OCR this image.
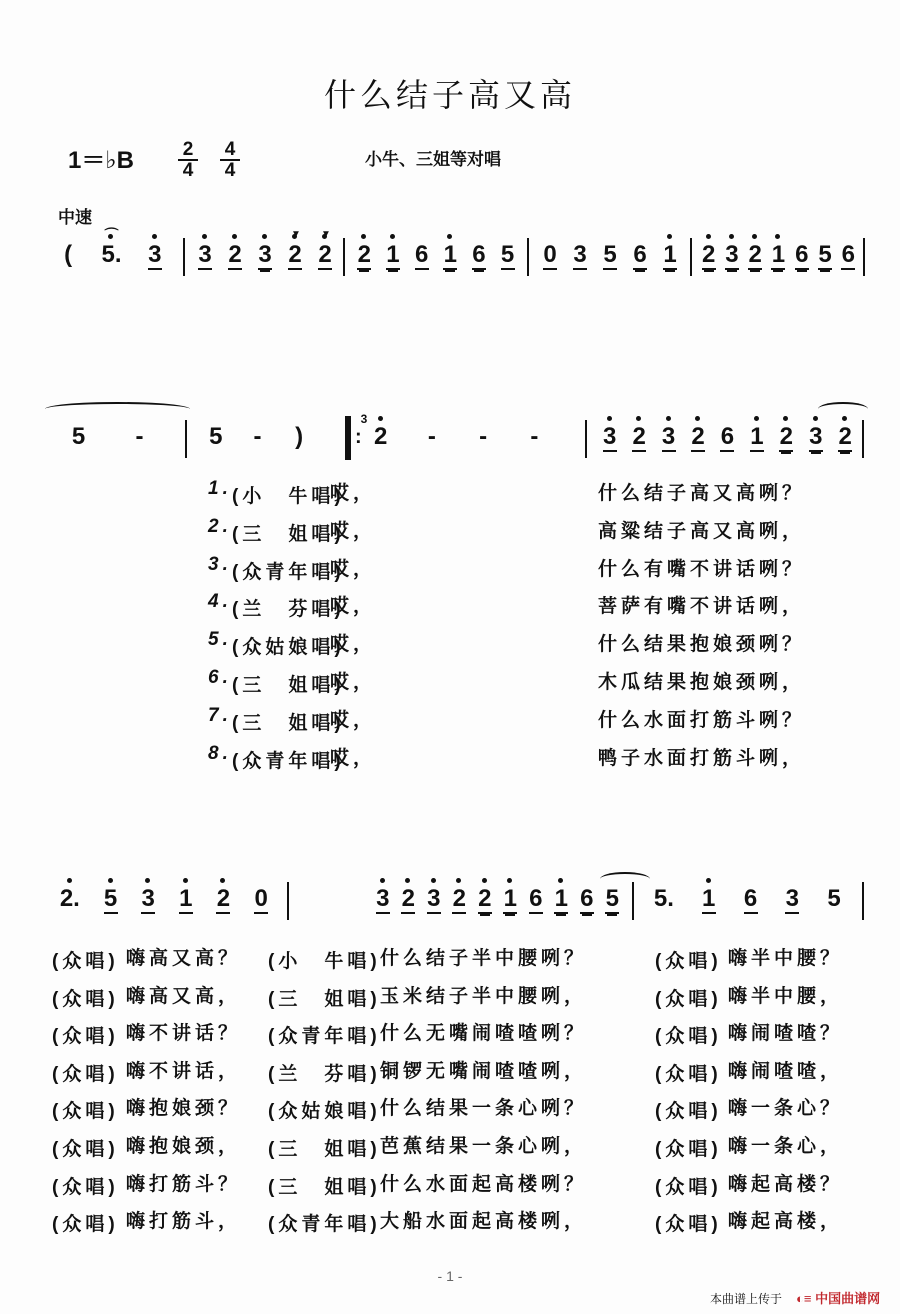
什么结子高又高
1＝♭B $\frac{2}{4} \frac{4}{4}$	小牛、三姐等对唱
中速
( 5.
⌒
3 3 2 3 2
▼
2
▼
2 1 6 1 6 5 0 3 5 6 1 2 3 2 1 6 5 6
5 -	5 - )	2
3
- - -	3 2 3 2 6 1 2 3 2
:
2. 5 3 1 2 0	3 2 3 2 2 1 6 1 6 5 5. 1 6 3 5
1. (小　牛唱)
哎，	什么结子高又高咧？
2. (三　姐唱)
哎，	高粱结子高又高咧，
3. (众青年唱)
哎，	什么有嘴不讲话咧？
4. (兰　芬唱)
哎，	菩萨有嘴不讲话咧，
5. (众姑娘唱)
哎，	什么结果抱娘颈咧？
6. (三　姐唱)
哎，	木瓜结果抱娘颈咧，
7. (三　姐唱)
哎，	什么水面打筋斗咧？
8. (众青年唱)
哎，	鸭子水面打筋斗咧，
(众唱) 嗨高又高？ (小　牛唱) 什么结子半中腰咧？	(众唱) 嗨半中腰？
(众唱) 嗨高又高， (三　姐唱) 玉米结子半中腰咧，	(众唱) 嗨半中腰，
(众唱) 嗨不讲话？ (众青年唱) 什么无嘴闹喳喳咧？	(众唱) 嗨闹喳喳？
(众唱) 嗨不讲话， (兰　芬唱) 铜锣无嘴闹喳喳咧，	(众唱) 嗨闹喳喳，
(众唱) 嗨抱娘颈？ (众姑娘唱) 什么结果一条心咧？	(众唱) 嗨一条心？
(众唱) 嗨抱娘颈， (三　姐唱) 芭蕉结果一条心咧，	(众唱) 嗨一条心，
(众唱) 嗨打筋斗？ (三　姐唱) 什么水面起高楼咧？	(众唱) 嗨起高楼？
(众唱) 嗨打筋斗， (众青年唱) 大船水面起高楼咧，	(众唱) 嗨起高楼，
- 1 -
本曲谱上传于 ◐≡ 中国曲谱网
